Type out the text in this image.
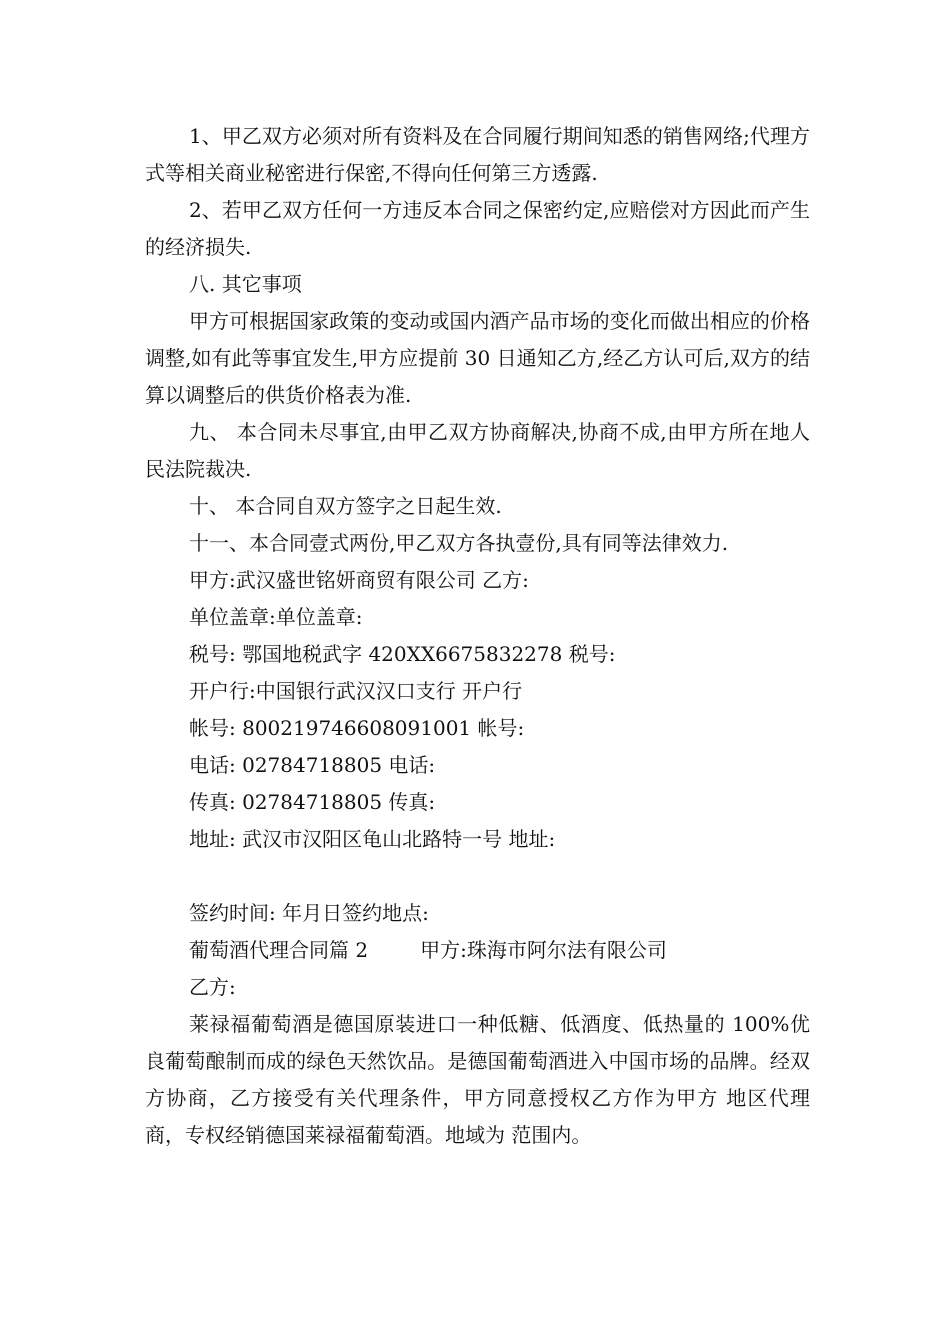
1、甲乙双方必须对所有资料及在合同履行期间知悉的销售网络;代理方式等相关商业秘密进行保密,不得向任何第三方透露.

2、若甲乙双方任何一方违反本合同之保密约定,应赔偿对方因此而产生的经济损失.

八. 其它事项

甲方可根据国家政策的变动或国内酒产品市场的变化而做出相应的价格调整,如有此等事宜发生,甲方应提前 30 日通知乙方,经乙方认可后,双方的结算以调整后的供货价格表为准.

九、 本合同未尽事宜,由甲乙双方协商解决,协商不成,由甲方所在地人民法院裁决.

十、 本合同自双方签字之日起生效.

十一、本合同壹式两份,甲乙双方各执壹份,具有同等法律效力.

甲方:武汉盛世铭妍商贸有限公司 乙方:

单位盖章:单位盖章:

税号: 鄂国地税武字 420XX6675832278 税号:

开户行:中国银行武汉汉口支行 开户行

帐号: 800219746608091001 帐号:

电话: 02784718805 电话:

传真: 02784718805 传真:

地址: 武汉市汉阳区龟山北路特一号 地址:

签约时间: 年月日签约地点:

葡萄酒代理合同篇 2	甲方:珠海市阿尔法有限公司

乙方:

莱禄福葡萄酒是德国原装进口一种低糖、低酒度、低热量的 100%优良葡萄酿制而成的绿色天然饮品。是德国葡萄酒进入中国市场的品牌。经双方协商，乙方接受有关代理条件，甲方同意授权乙方作为甲方 地区代理商，专权经销德国莱禄福葡萄酒。地域为 范围内。
